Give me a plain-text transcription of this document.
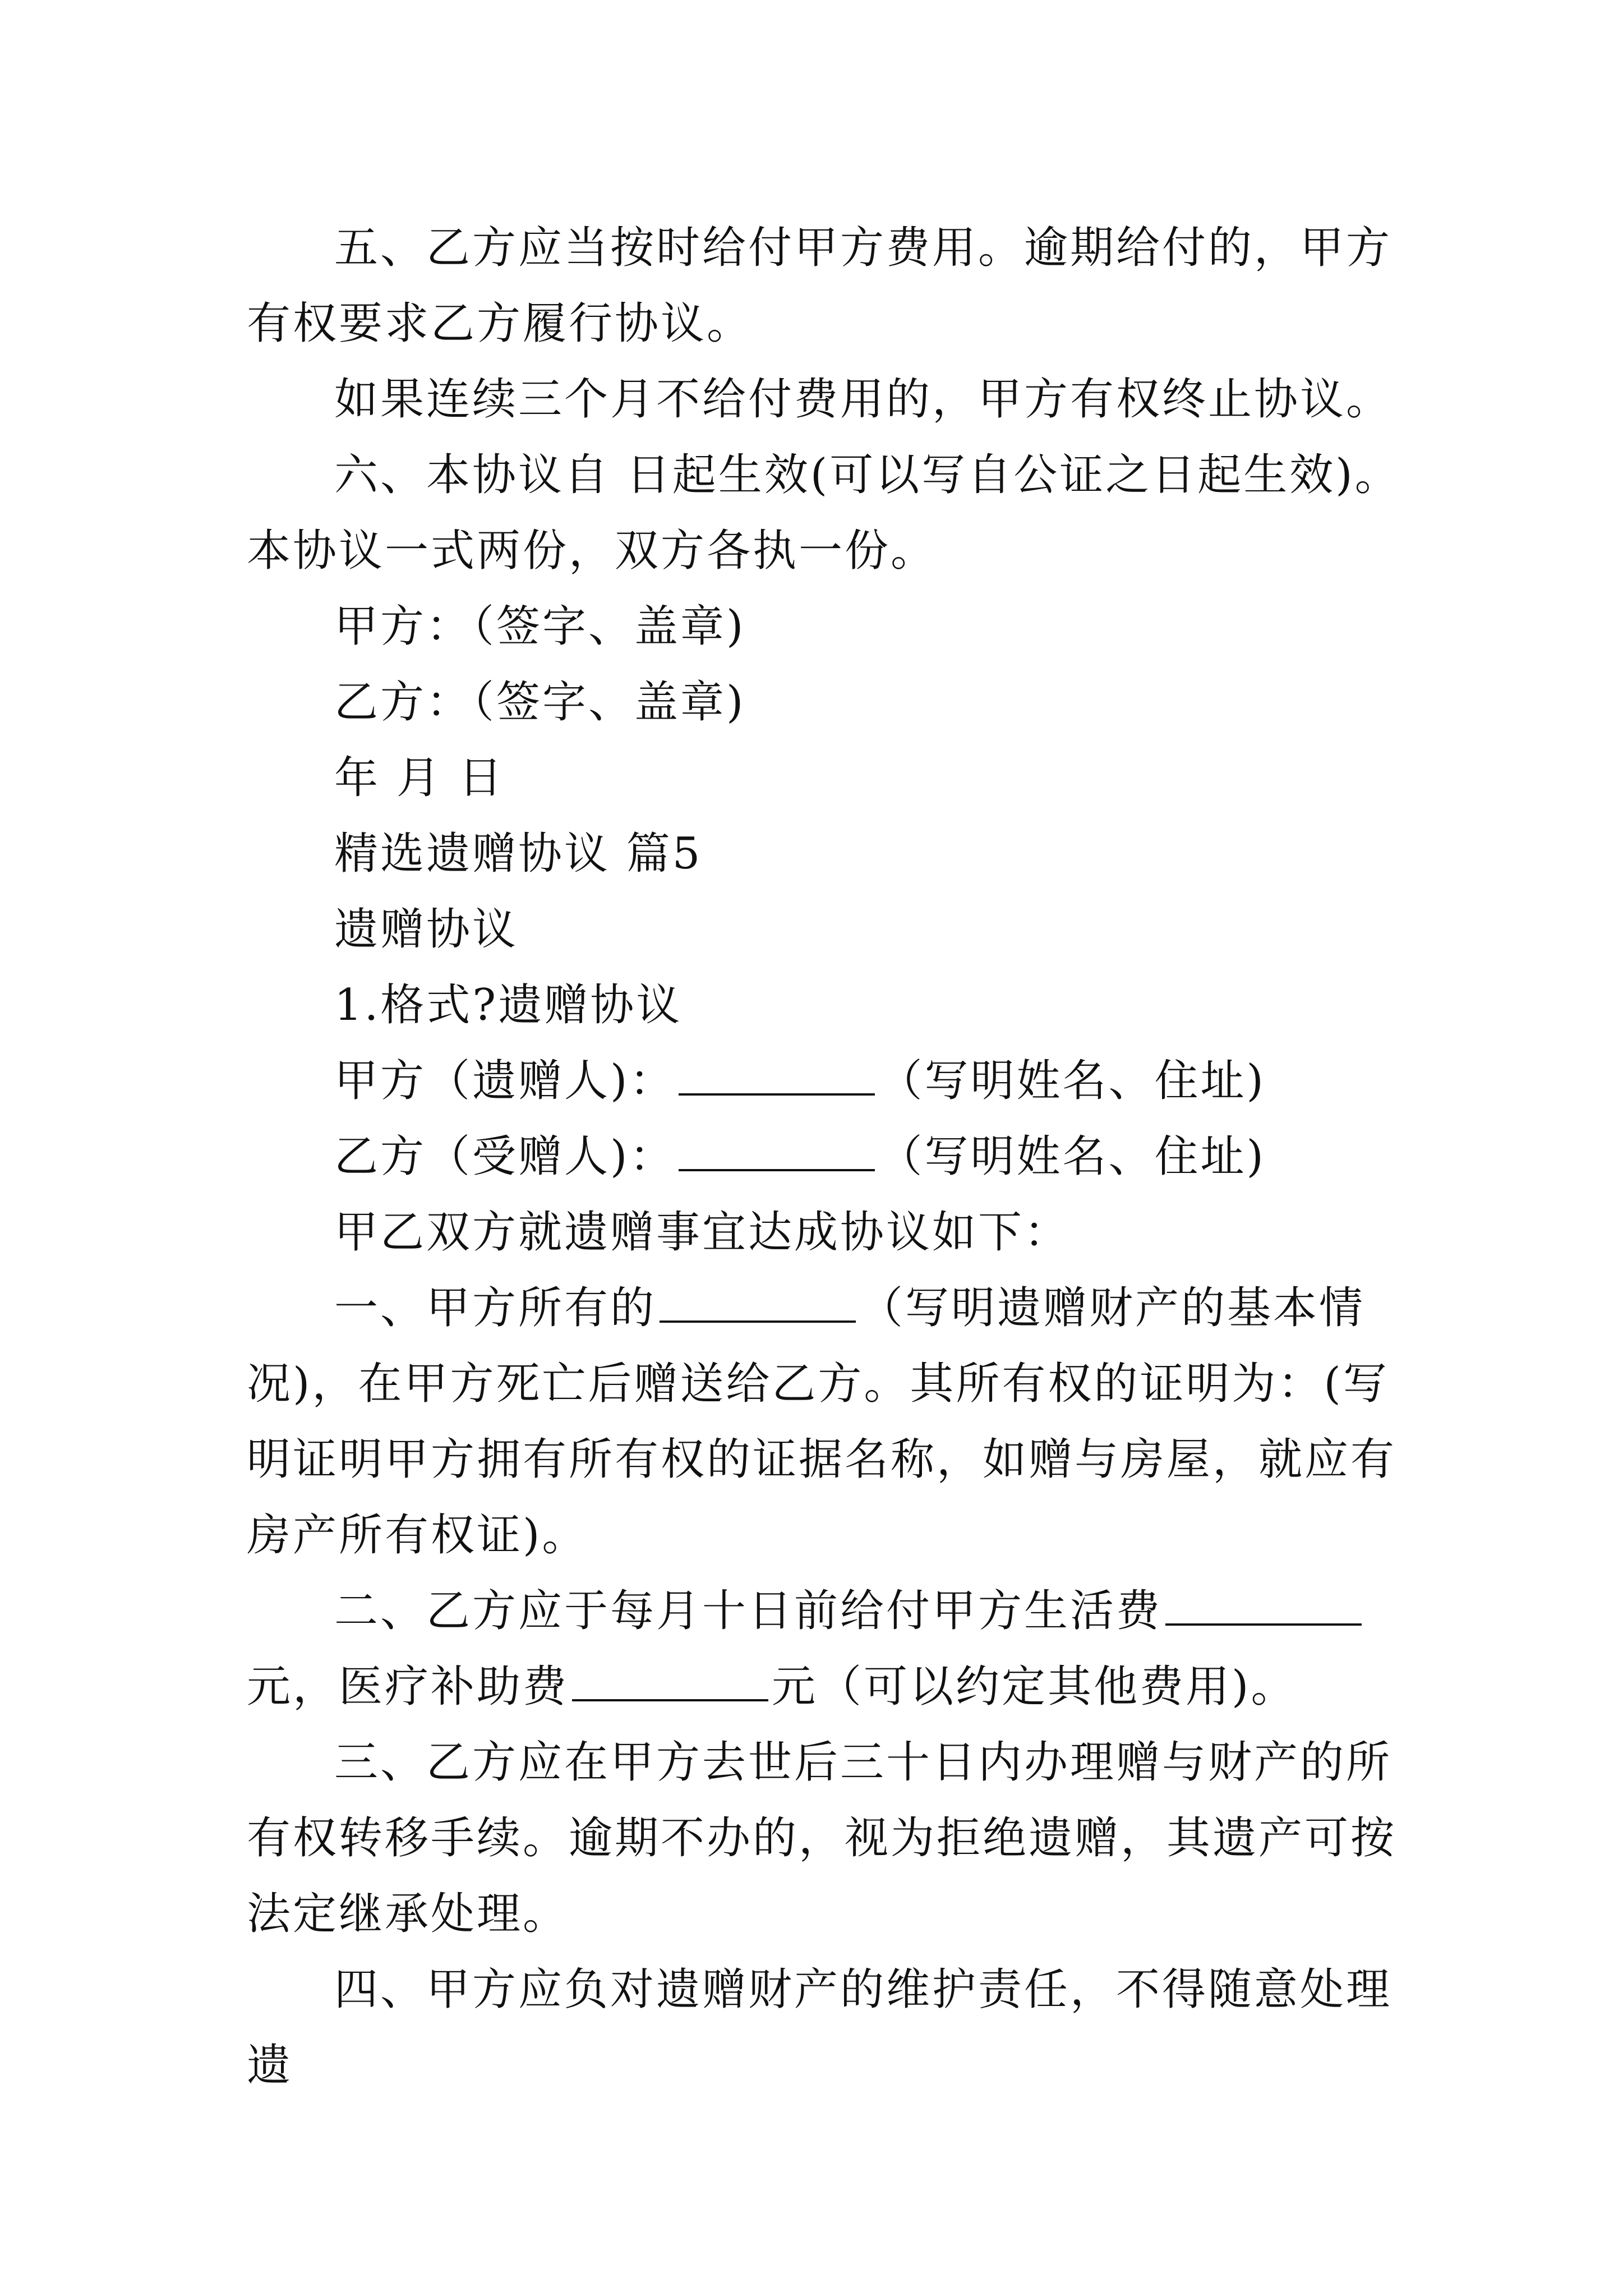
五、乙方应当按时给付甲方费用。逾期给付的，甲方有权要求乙方履行协议。

如果连续三个月不给付费用的，甲方有权终止协议。

六、本协议自 日起生效(可以写自公证之日起生效)。本协议一式两份，双方各执一份。

甲方：（签字、盖章)

乙方：（签字、盖章)

年 月 日

精选遗赠协议 篇5

遗赠协议

1.格式?遗赠协议

甲方（遗赠人)：	（写明姓名、住址)

乙方（受赠人)：	（写明姓名、住址)

甲乙双方就遗赠事宜达成协议如下：

一、甲方所有的	（写明遗赠财产的基本情况)，在甲方死亡后赠送给乙方。其所有权的证明为：(写明证明甲方拥有所有权的证据名称，如赠与房屋，就应有房产所有权证)。

二、乙方应于每月十日前给付甲方生活费元，医疗补助费	元（可以约定其他费用)。

三、乙方应在甲方去世后三十日内办理赠与财产的所有权转移手续。逾期不办的，视为拒绝遗赠，其遗产可按法定继承处理。

四、甲方应负对遗赠财产的维护责任，不得随意处理遗
